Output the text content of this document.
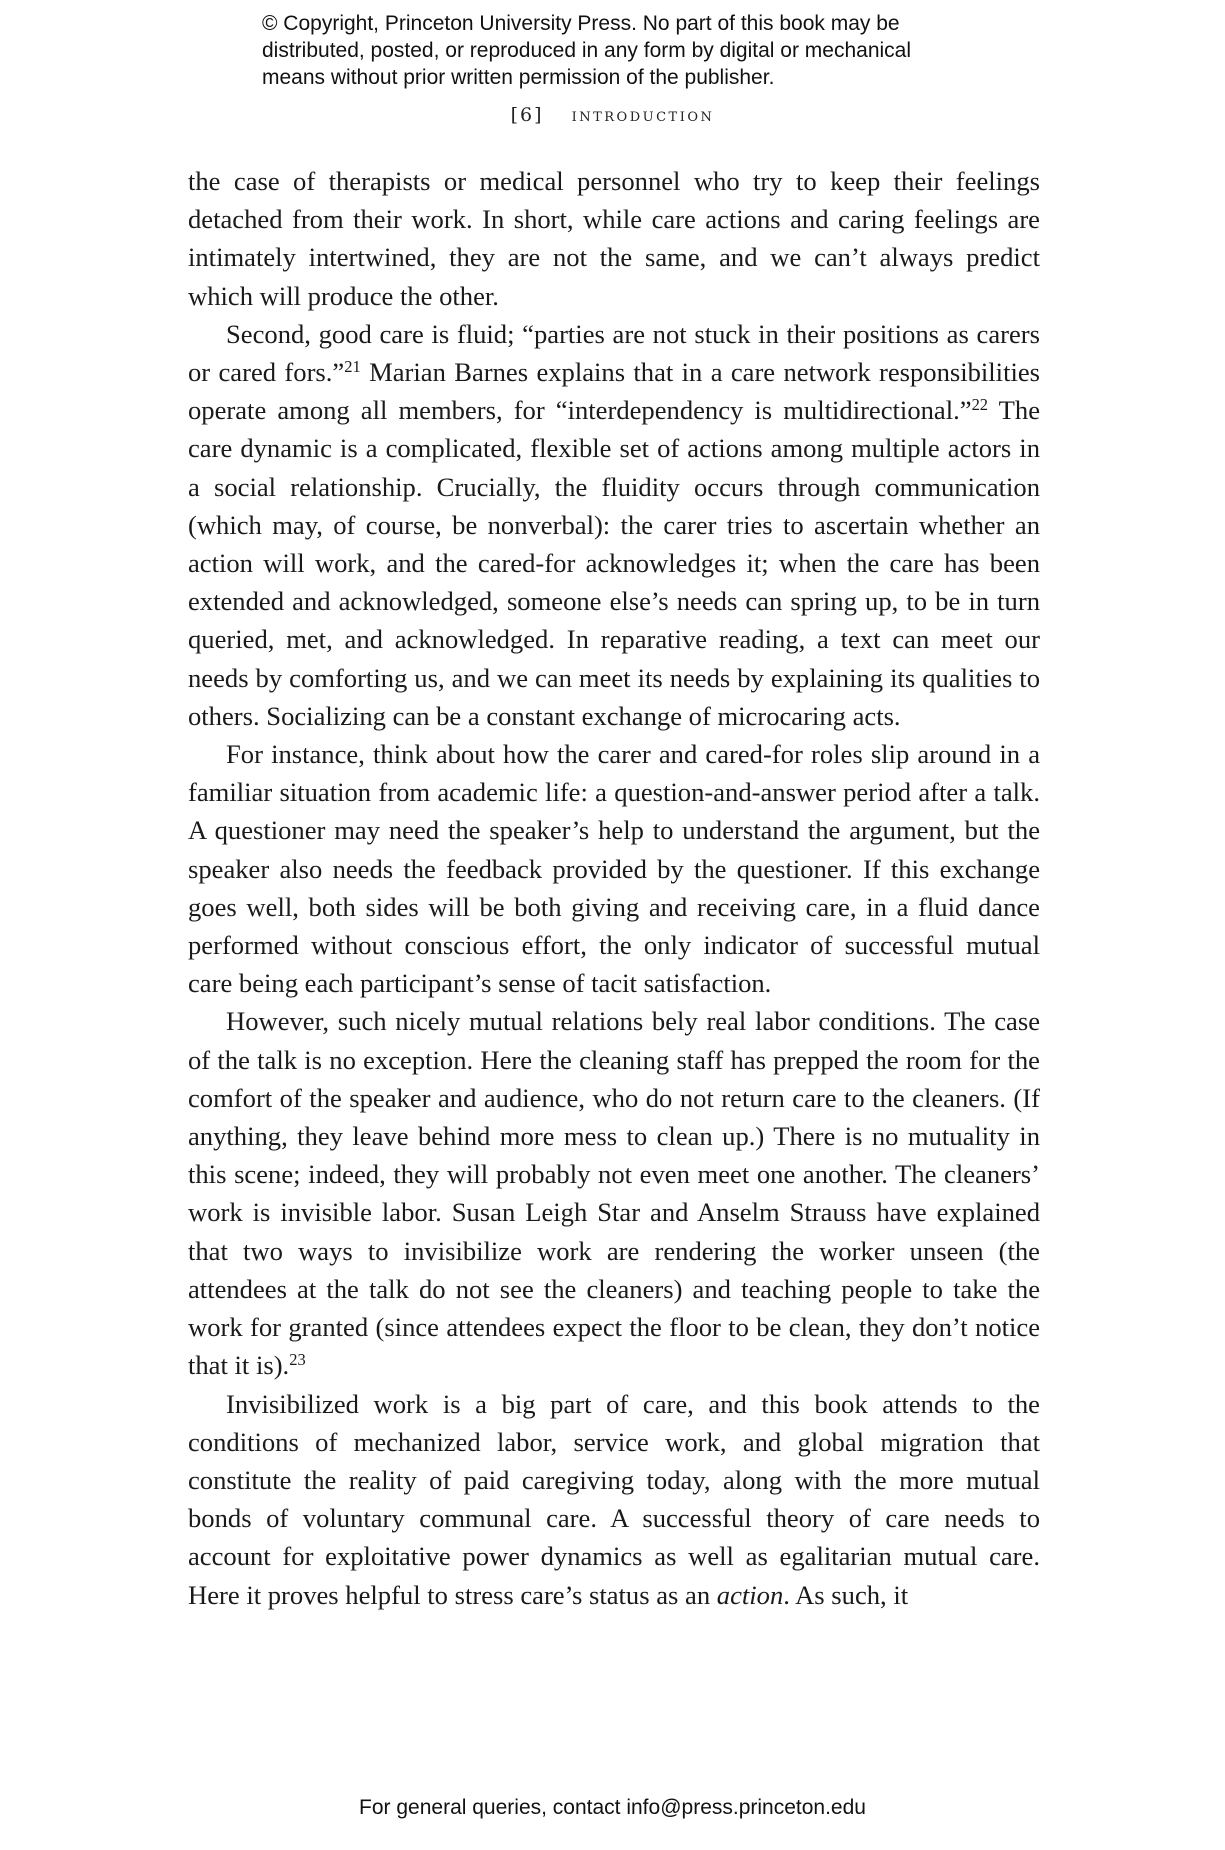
© Copyright, Princeton University Press. No part of this book may be
distributed, posted, or reproduced in any form by digital or mechanical
means without prior written permission of the publisher.
[6] introduction

the case of therapists or medical personnel who try to keep their feelings detached from their work. In short, while care actions and caring feelings are intimately intertwined, they are not the same, and we can’t always predict which will produce the other.

Second, good care is fluid; “parties are not stuck in their positions as carers or cared fors.”$^{21}$ Marian Barnes explains that in a care network responsibilities operate among all members, for “interdependency is multidirectional.”$^{22}$ The care dynamic is a complicated, flexible set of actions among multiple actors in a social relationship. Crucially, the fluidity occurs through communication (which may, of course, be nonverbal): the carer tries to ascertain whether an action will work, and the cared-for acknowledges it; when the care has been extended and acknowledged, someone else’s needs can spring up, to be in turn queried, met, and acknowledged. In reparative reading, a text can meet our needs by comforting us, and we can meet its needs by explaining its qualities to others. Socializing can be a constant exchange of microcaring acts.

For instance, think about how the carer and cared-for roles slip around in a familiar situation from academic life: a question-and-answer period after a talk. A questioner may need the speaker’s help to understand the argument, but the speaker also needs the feedback provided by the questioner. If this exchange goes well, both sides will be both giving and receiving care, in a fluid dance performed without conscious effort, the only indicator of successful mutual care being each participant’s sense of tacit satisfaction.

However, such nicely mutual relations bely real labor conditions. The case of the talk is no exception. Here the cleaning staff has prepped the room for the comfort of the speaker and audience, who do not return care to the cleaners. (If anything, they leave behind more mess to clean up.) There is no mutuality in this scene; indeed, they will probably not even meet one another. The cleaners’ work is invisible labor. Susan Leigh Star and Anselm Strauss have explained that two ways to invisibilize work are rendering the worker unseen (the attendees at the talk do not see the cleaners) and teaching people to take the work for granted (since attendees expect the floor to be clean, they don’t notice that it is).$^{23}$

Invisibilized work is a big part of care, and this book attends to the conditions of mechanized labor, service work, and global migration that constitute the reality of paid caregiving today, along with the more mutual bonds of voluntary communal care. A successful theory of care needs to account for exploitative power dynamics as well as egalitarian mutual care. Here it proves helpful to stress care’s status as an action. As such, it

For general queries, contact info@press.princeton.edu
